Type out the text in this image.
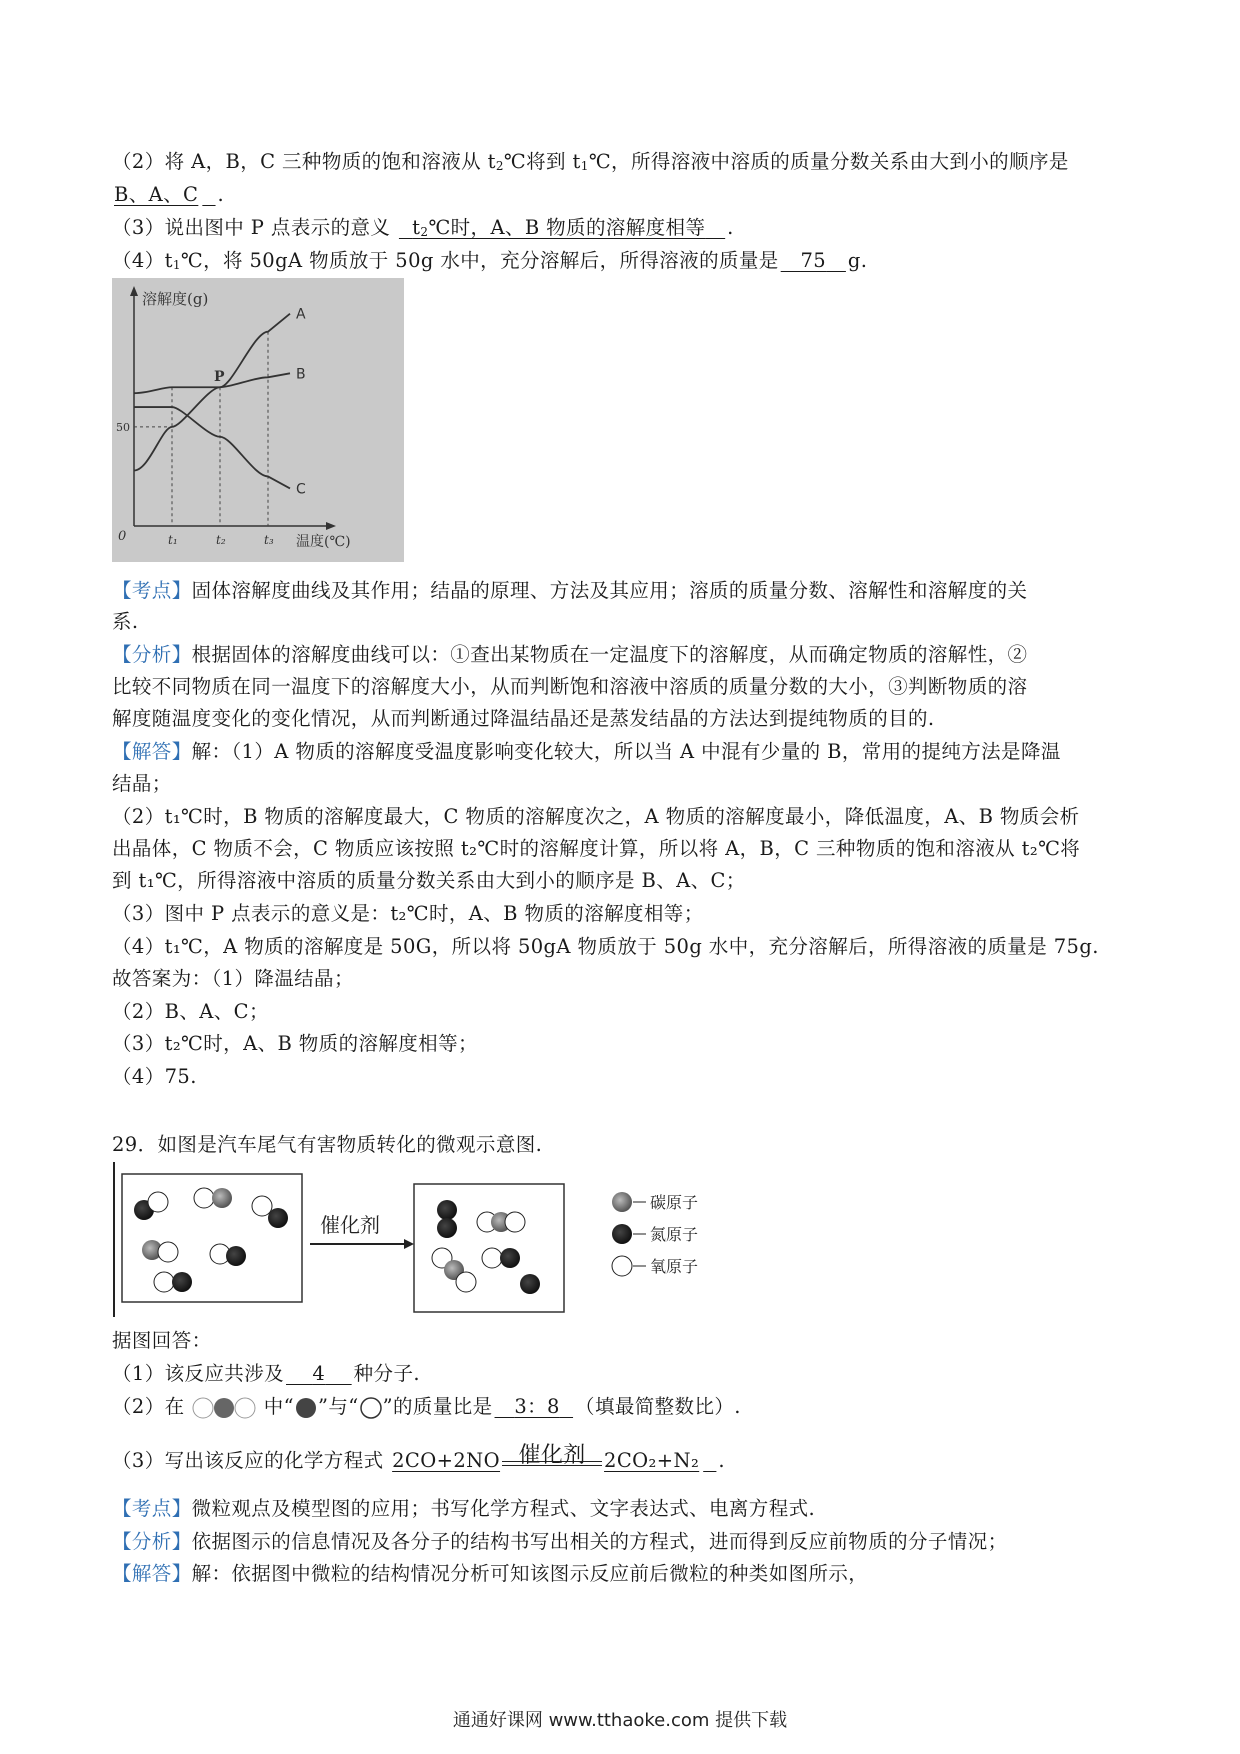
（2）将 A，B，C 三种物质的饱和溶液从 $t_2℃$将到 $t_1℃$，所得溶液中溶质的质量分数关系由大到小的顺序是
B、A、C .
（3）说出图中 P 点表示的意义 $t_2℃$时，A、B 物质的溶解度相等 .
$(4)t_1℃$，将 50gA 物质放于 50g 水中，充分溶解后，所得溶液的质量是 75 g.
溶解度(g)
温度(℃)
0
50
t₁	t₂	t₃
A
B
C
P
【考点】固体溶解度曲线及其作用；结晶的原理、方法及其应用；溶质的质量分数、溶解性和溶解度的关
系.
【分析】根据固体的溶解度曲线可以：①查出某物质在一定温度下的溶解度，从而确定物质的溶解性，②
比较不同物质在同一温度下的溶解度大小，从而判断饱和溶液中溶质的质量分数的大小，③判断物质的溶
解度随温度变化的变化情况，从而判断通过降温结晶还是蒸发结晶的方法达到提纯物质的目的.
【解答】解：（1）A 物质的溶解度受温度影响变化较大，所以当 A 中混有少量的 B，常用的提纯方法是降温
结晶；
（2）t₁℃时，B 物质的溶解度最大，C 物质的溶解度次之，A 物质的溶解度最小，降低温度，A、B 物质会析
出晶体，C 物质不会，C 物质应该按照 t₂℃时的溶解度计算，所以将 A，B，C 三种物质的饱和溶液从 t₂℃将
到 t₁℃，所得溶液中溶质的质量分数关系由大到小的顺序是 B、A、C；
（3）图中 P 点表示的意义是：t₂℃时，A、B 物质的溶解度相等；
（4）t₁℃，A 物质的溶解度是 50G，所以将 50gA 物质放于 50g 水中，充分溶解后，所得溶液的质量是 75g.
故答案为：（1）降温结晶；
（2）B、A、C；
（3）t₂℃时，A、B 物质的溶解度相等；
（4）75.
29．如图是汽车尾气有害物质转化的微观示意图.
催化剂
碳原子
氮原子
氧原子
据图回答：
（1）该反应共涉及 4 种分子.
（2）在	中“ ”与“ ”的质量比是 3：8 （填最简整数比）.
（3）写出该反应的化学方程式 2CO+2NO 催化剂 2CO₂+N₂ .
【考点】微粒观点及模型图的应用；书写化学方程式、文字表达式、电离方程式.
【分析】依据图示的信息情况及各分子的结构书写出相关的方程式，进而得到反应前物质的分子情况；
【解答】解：依据图中微粒的结构情况分析可知该图示反应前后微粒的种类如图所示，
通通好课网 www.tthaoke.com 提供下载
